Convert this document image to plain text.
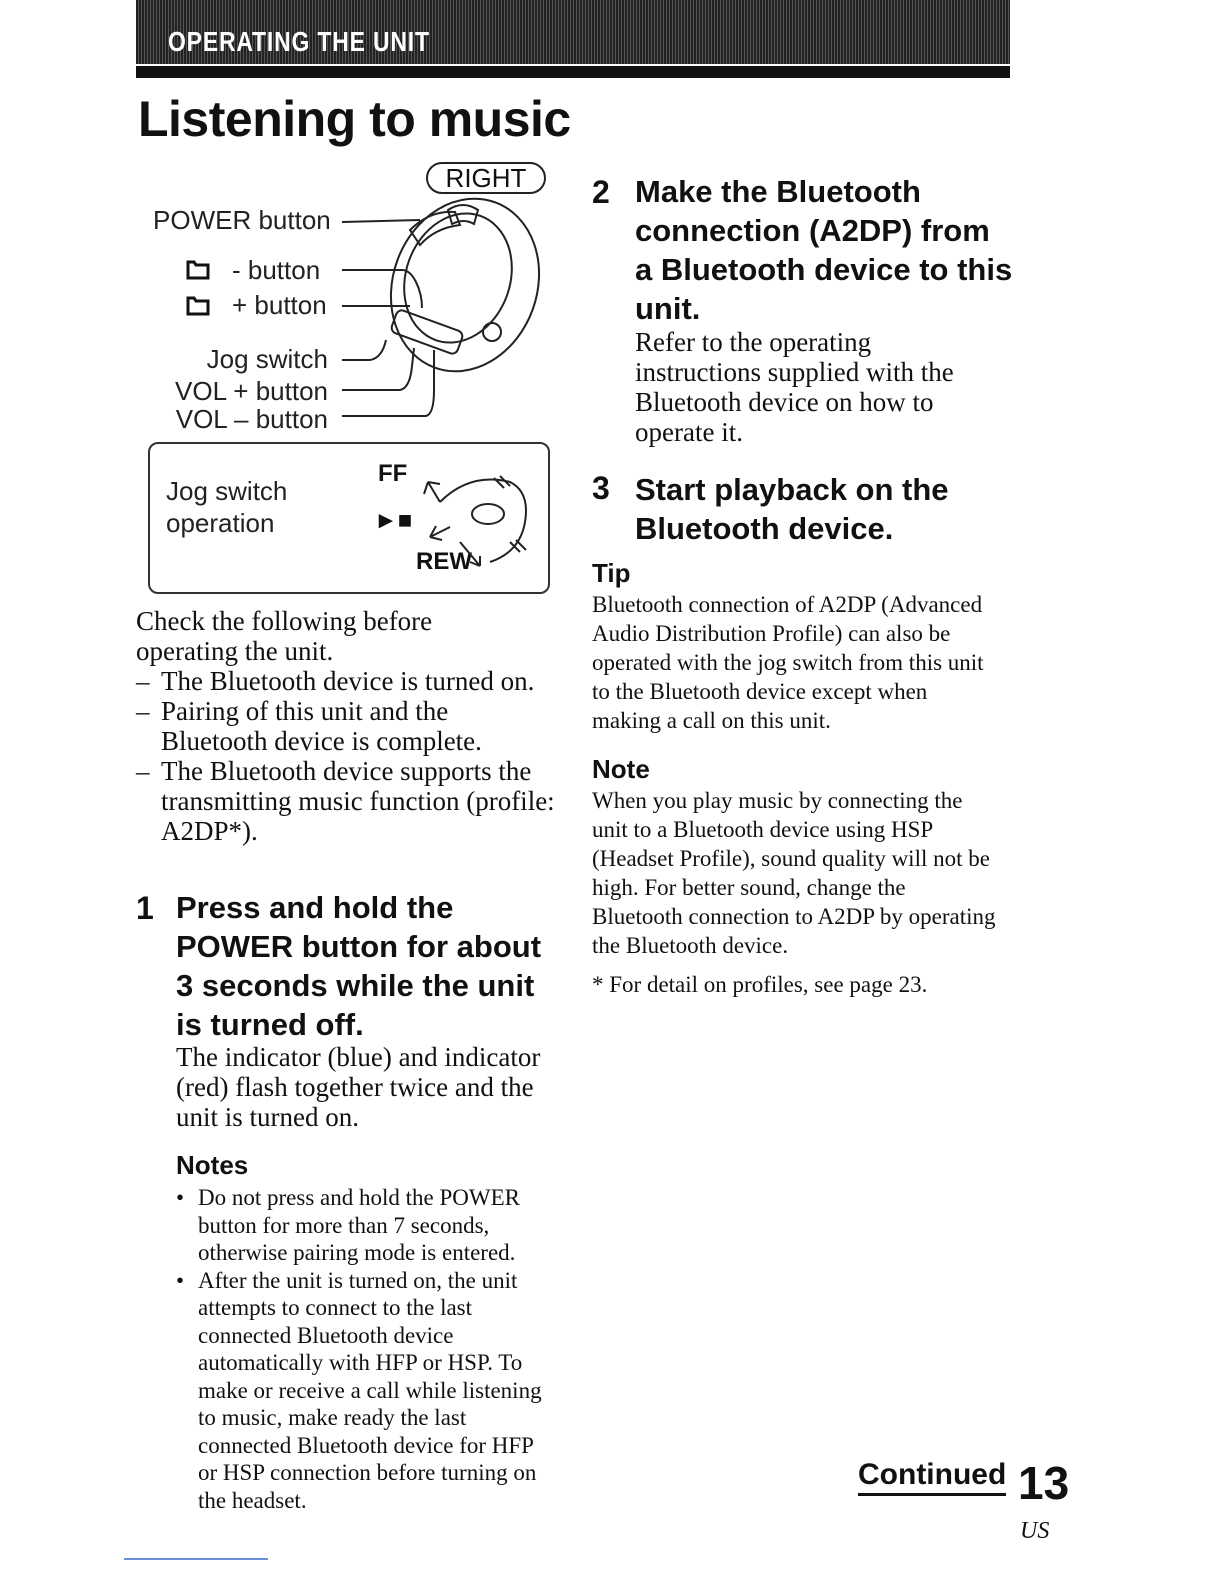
OPERATING THE UNIT
Listening to music
RIGHT
POWER button
- button
+ button
Jog switch
VOL + button
VOL – button
Jog switch
operation
FF
►■
REW
Check the following before
operating the unit.
– The Bluetooth device is turned on.
– Pairing of this unit and the Bluetooth device is complete.
– The Bluetooth device supports the transmitting music function (profile: A2DP*).
1 Press and hold the POWER button for about 3 seconds while the unit is turned off.
The indicator (blue) and indicator (red) flash together twice and the unit is turned on.
Notes
• Do not press and hold the POWER button for more than 7 seconds, otherwise pairing mode is entered.
• After the unit is turned on, the unit attempts to connect to the last connected Bluetooth device automatically with HFP or HSP. To make or receive a call while listening to music, make ready the last connected Bluetooth device for HFP or HSP connection before turning on the headset.
2 Make the Bluetooth connection (A2DP) from a Bluetooth device to this unit.
Refer to the operating instructions supplied with the Bluetooth device on how to operate it.
3 Start playback on the Bluetooth device.
Tip
Bluetooth connection of A2DP (Advanced Audio Distribution Profile) can also be operated with the jog switch from this unit to the Bluetooth device except when making a call on this unit.
Note
When you play music by connecting the unit to a Bluetooth device using HSP (Headset Profile), sound quality will not be high. For better sound, change the Bluetooth connection to A2DP by operating the Bluetooth device.
* For detail on profiles, see page 23.
Continued 13
US
